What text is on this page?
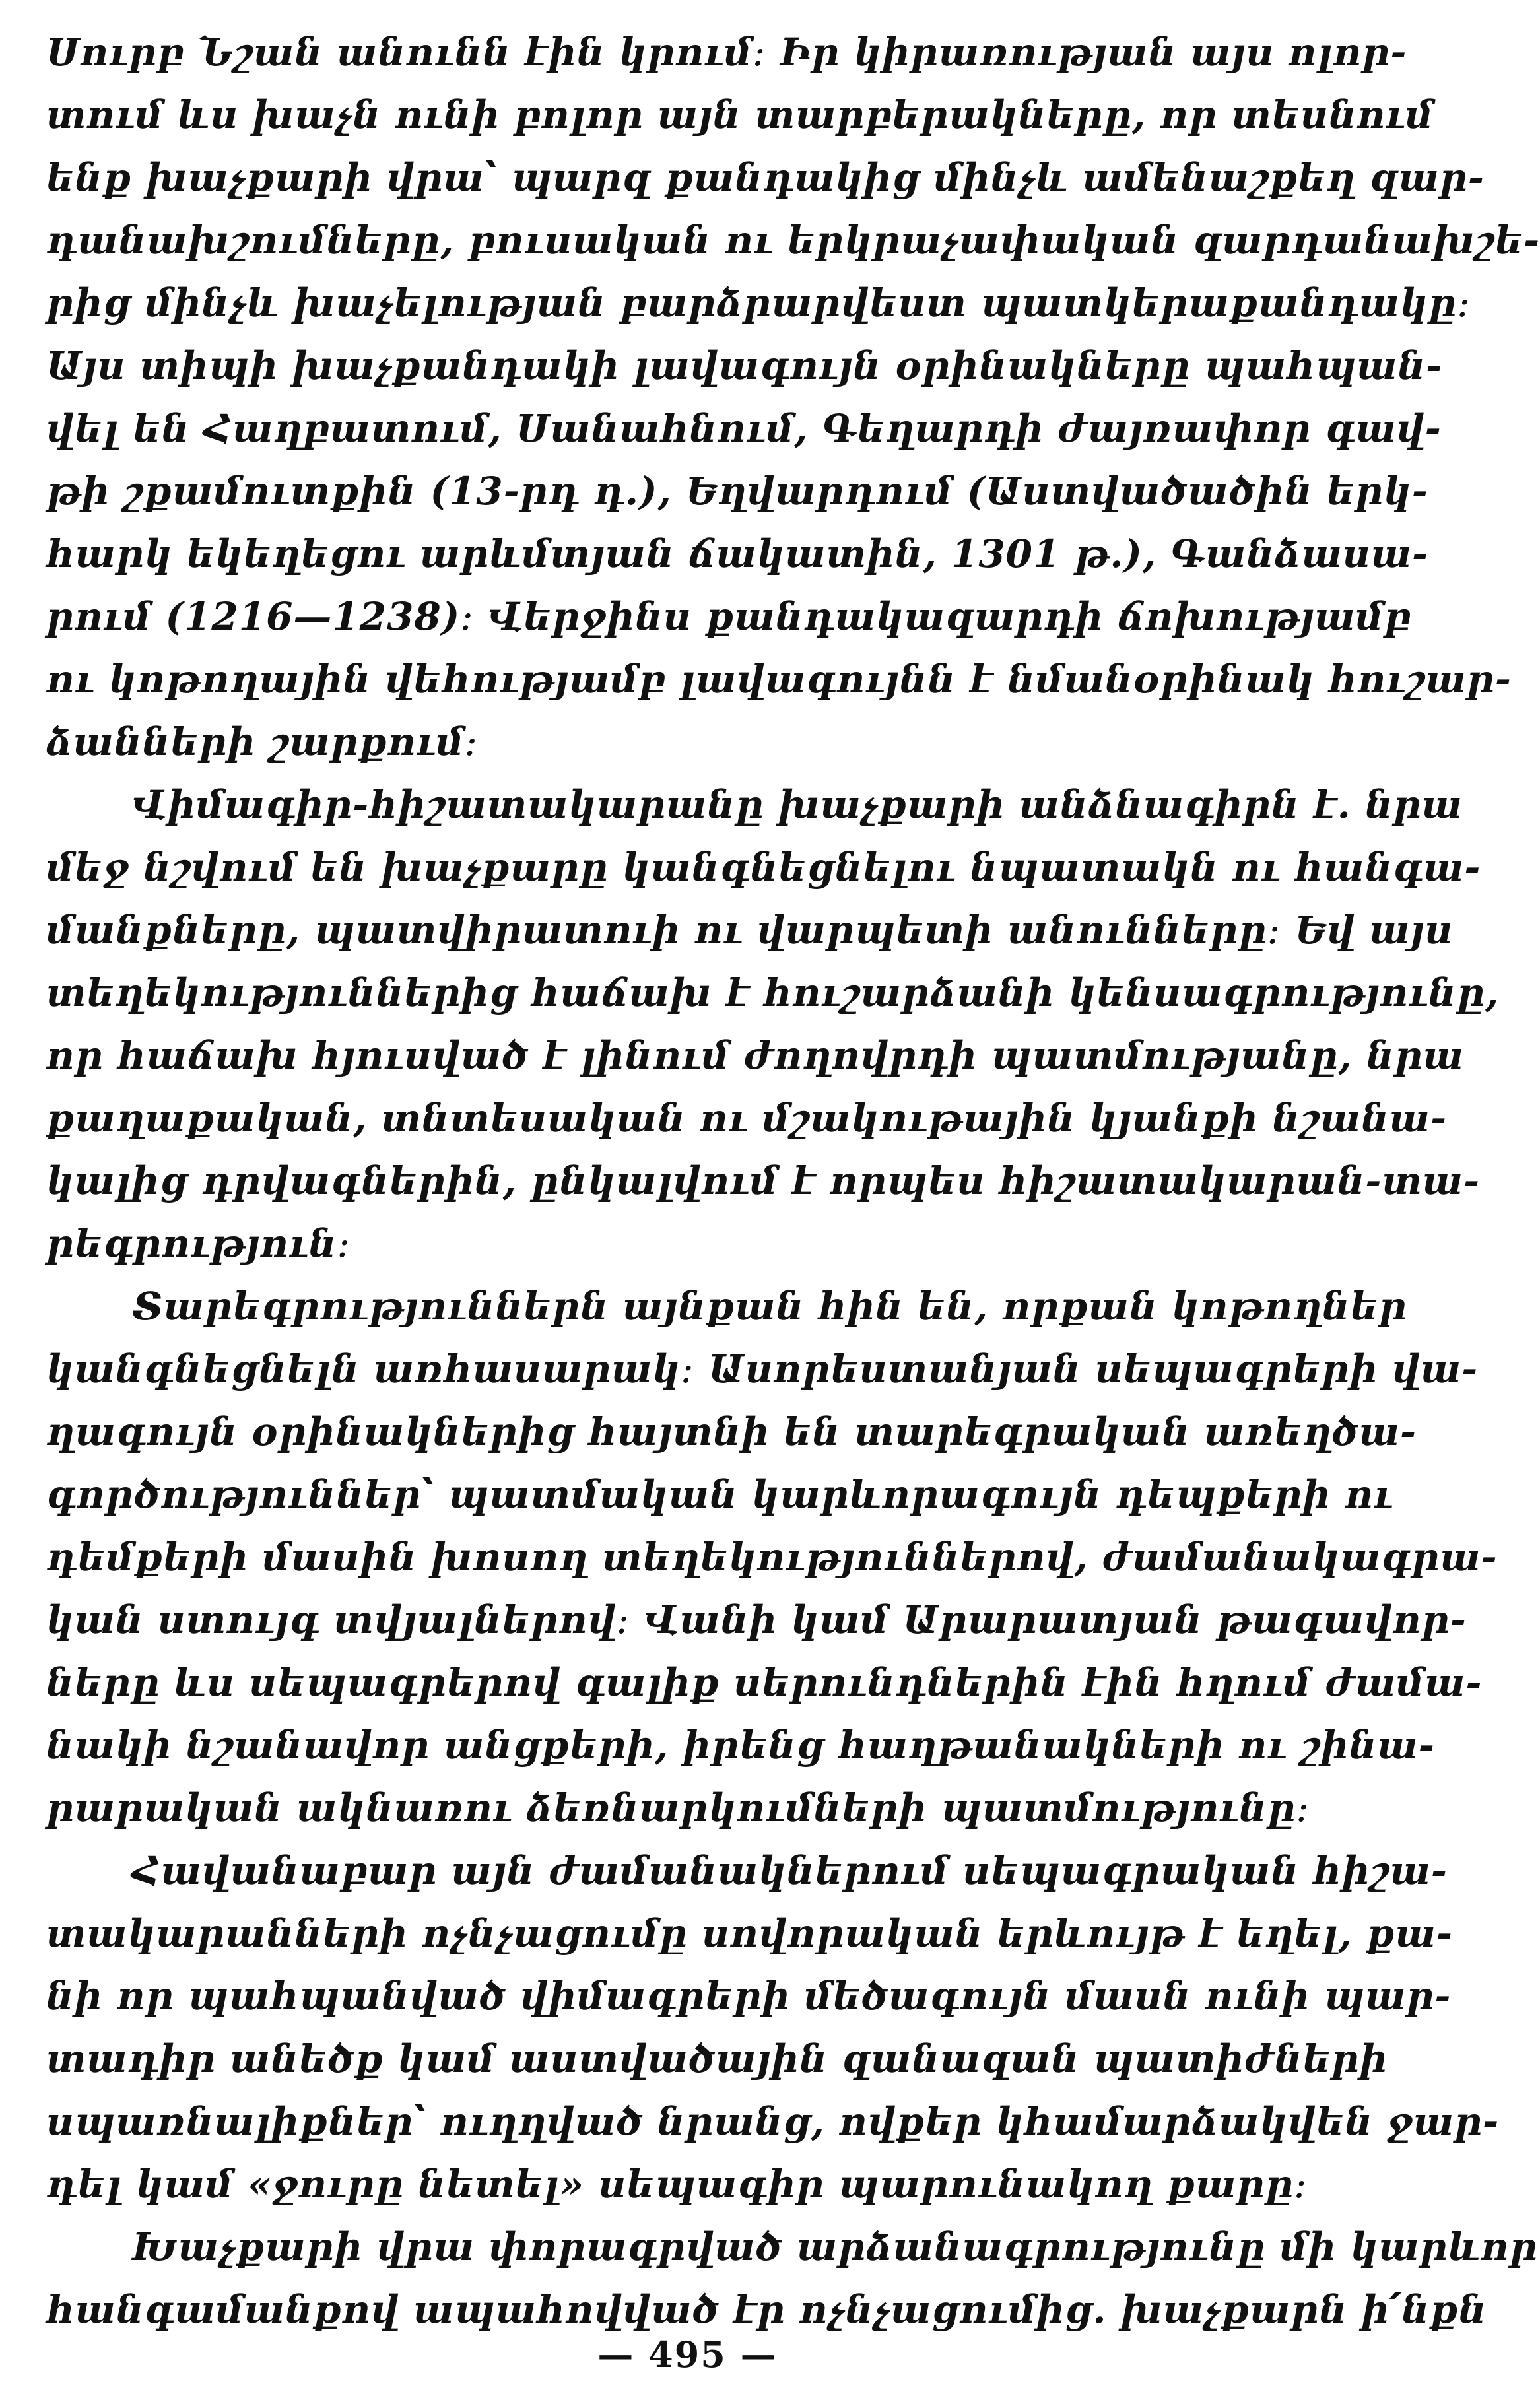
Սուրբ Նշան անունն էին կրում։ Իր կիրառության այս ոլոր-
տում ևս խաչն ունի բոլոր այն տարբերակները, որ տեսնում
ենք խաչքարի վրա՝ պարզ քանդակից մինչև ամենաշքեղ զար-
դանախշումները, բուսական ու երկրաչափական զարդանախշե-
րից մինչև խաչելության բարձրարվեստ պատկերաքանդակը։
Այս տիպի խաչքանդակի լավագույն օրինակները պահպան-
վել են Հաղբատում, Սանահնում, Գեղարդի ժայռափոր գավ-
թի շքամուտքին (13-րդ դ.), Եղվարդում (Աստվածածին երկ-
հարկ եկեղեցու արևմտյան ճակատին, 1301 թ.), Գանձասա-
րում (1216—1238)։ Վերջինս քանդակազարդի ճոխությամբ
ու կոթողային վեհությամբ լավագույնն է նմանօրինակ հուշար-
ձանների շարքում։
Վիմագիր-հիշատակարանը խաչքարի անձնագիրն է. նրա
մեջ նշվում են խաչքարը կանգնեցնելու նպատակն ու հանգա-
մանքները, պատվիրատուի ու վարպետի անունները։ Եվ այս
տեղեկություններից հաճախ է հուշարձանի կենսագրությունը,
որ հաճախ հյուսված է լինում ժողովրդի պատմությանը, նրա
քաղաքական, տնտեսական ու մշակութային կյանքի նշանա-
կալից դրվագներին, ընկալվում է որպես հիշատակարան-տա-
րեգրություն։
Տարեգրություններն այնքան հին են, որքան կոթողներ
կանգնեցնելն առհասարակ։ Ասորեստանյան սեպագրերի վա-
ղագույն օրինակներից հայտնի են տարեգրական առեղծա-
գործություններ՝ պատմական կարևորագույն դեպքերի ու
դեմքերի մասին խոսող տեղեկություններով, ժամանակագրա-
կան ստույգ տվյալներով։ Վանի կամ Արարատյան թագավոր-
ները ևս սեպագրերով գալիք սերունդներին էին հղում ժամա-
նակի նշանավոր անցքերի, իրենց հաղթանակների ու շինա-
րարական ակնառու ձեռնարկումների պատմությունը։
Հավանաբար այն ժամանակներում սեպագրական հիշա-
տակարանների ոչնչացումը սովորական երևույթ է եղել, քա-
նի որ պահպանված վիմագրերի մեծագույն մասն ունի պար-
տադիր անեծք կամ աստվածային զանազան պատիժների
սպառնալիքներ՝ ուղղված նրանց, ովքեր կհամարձակվեն ջար-
դել կամ «ջուրը նետել» սեպագիր պարունակող քարը։
Խաչքարի վրա փորագրված արձանագրությունը մի կարևոր
հանգամանքով ապահովված էր ոչնչացումից. խաչքարն ի՛նքն
— 495 —
